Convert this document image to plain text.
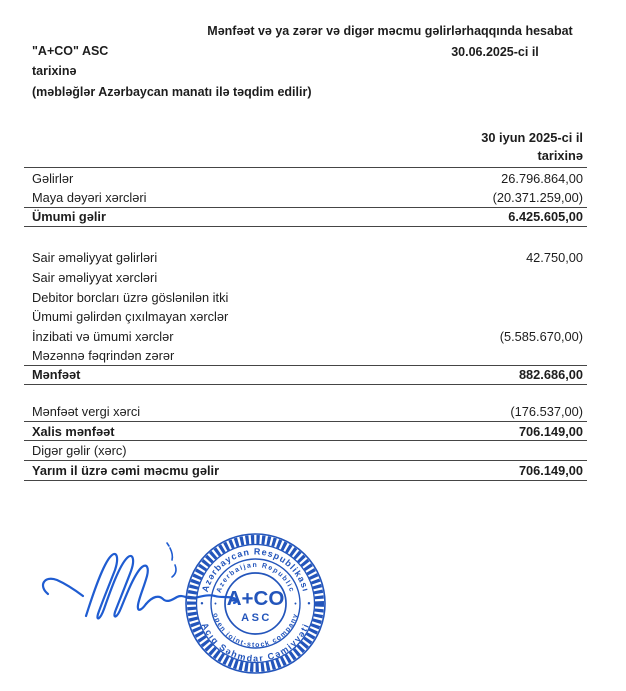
Mənfəət və ya zərər və digər məcmu gəlirlərhaqqında hesabat
"A+CO" ASC	30.06.2025-ci il
tarixinə
(məbləğlər Azərbaycan manatı ilə təqdim edilir)
30 iyun 2025-ci il
tarixinə
Gəlirlər	26.796.864,00
Maya dəyəri xərcləri	(20.371.259,00)
Ümumi gəlir	6.425.605,00
Sair əməliyyat gəlirləri	42.750,00
Sair əməliyyat xərcləri
Debitor borcları üzrə göslənilən itki
Ümumi gəlirdən çıxılmayan xərclər
İnzibati və ümumi xərclər	(5.585.670,00)
Məzənnə fəqrindən zərər
Mənfəət	882.686,00
Mənfəət vergi xərci	(176.537,00)
Xalis mənfəət	706.149,00
Digər gəlir (xərc)
Yarım il üzrə cəmi məcmu gəlir	706.149,00
Azərbaycan Respublikası
Açıq Səhmdar Cəmiyyəti
Azerbaijan Republic
open joint-stock company
•	•
•	•
A+CO
ASC
